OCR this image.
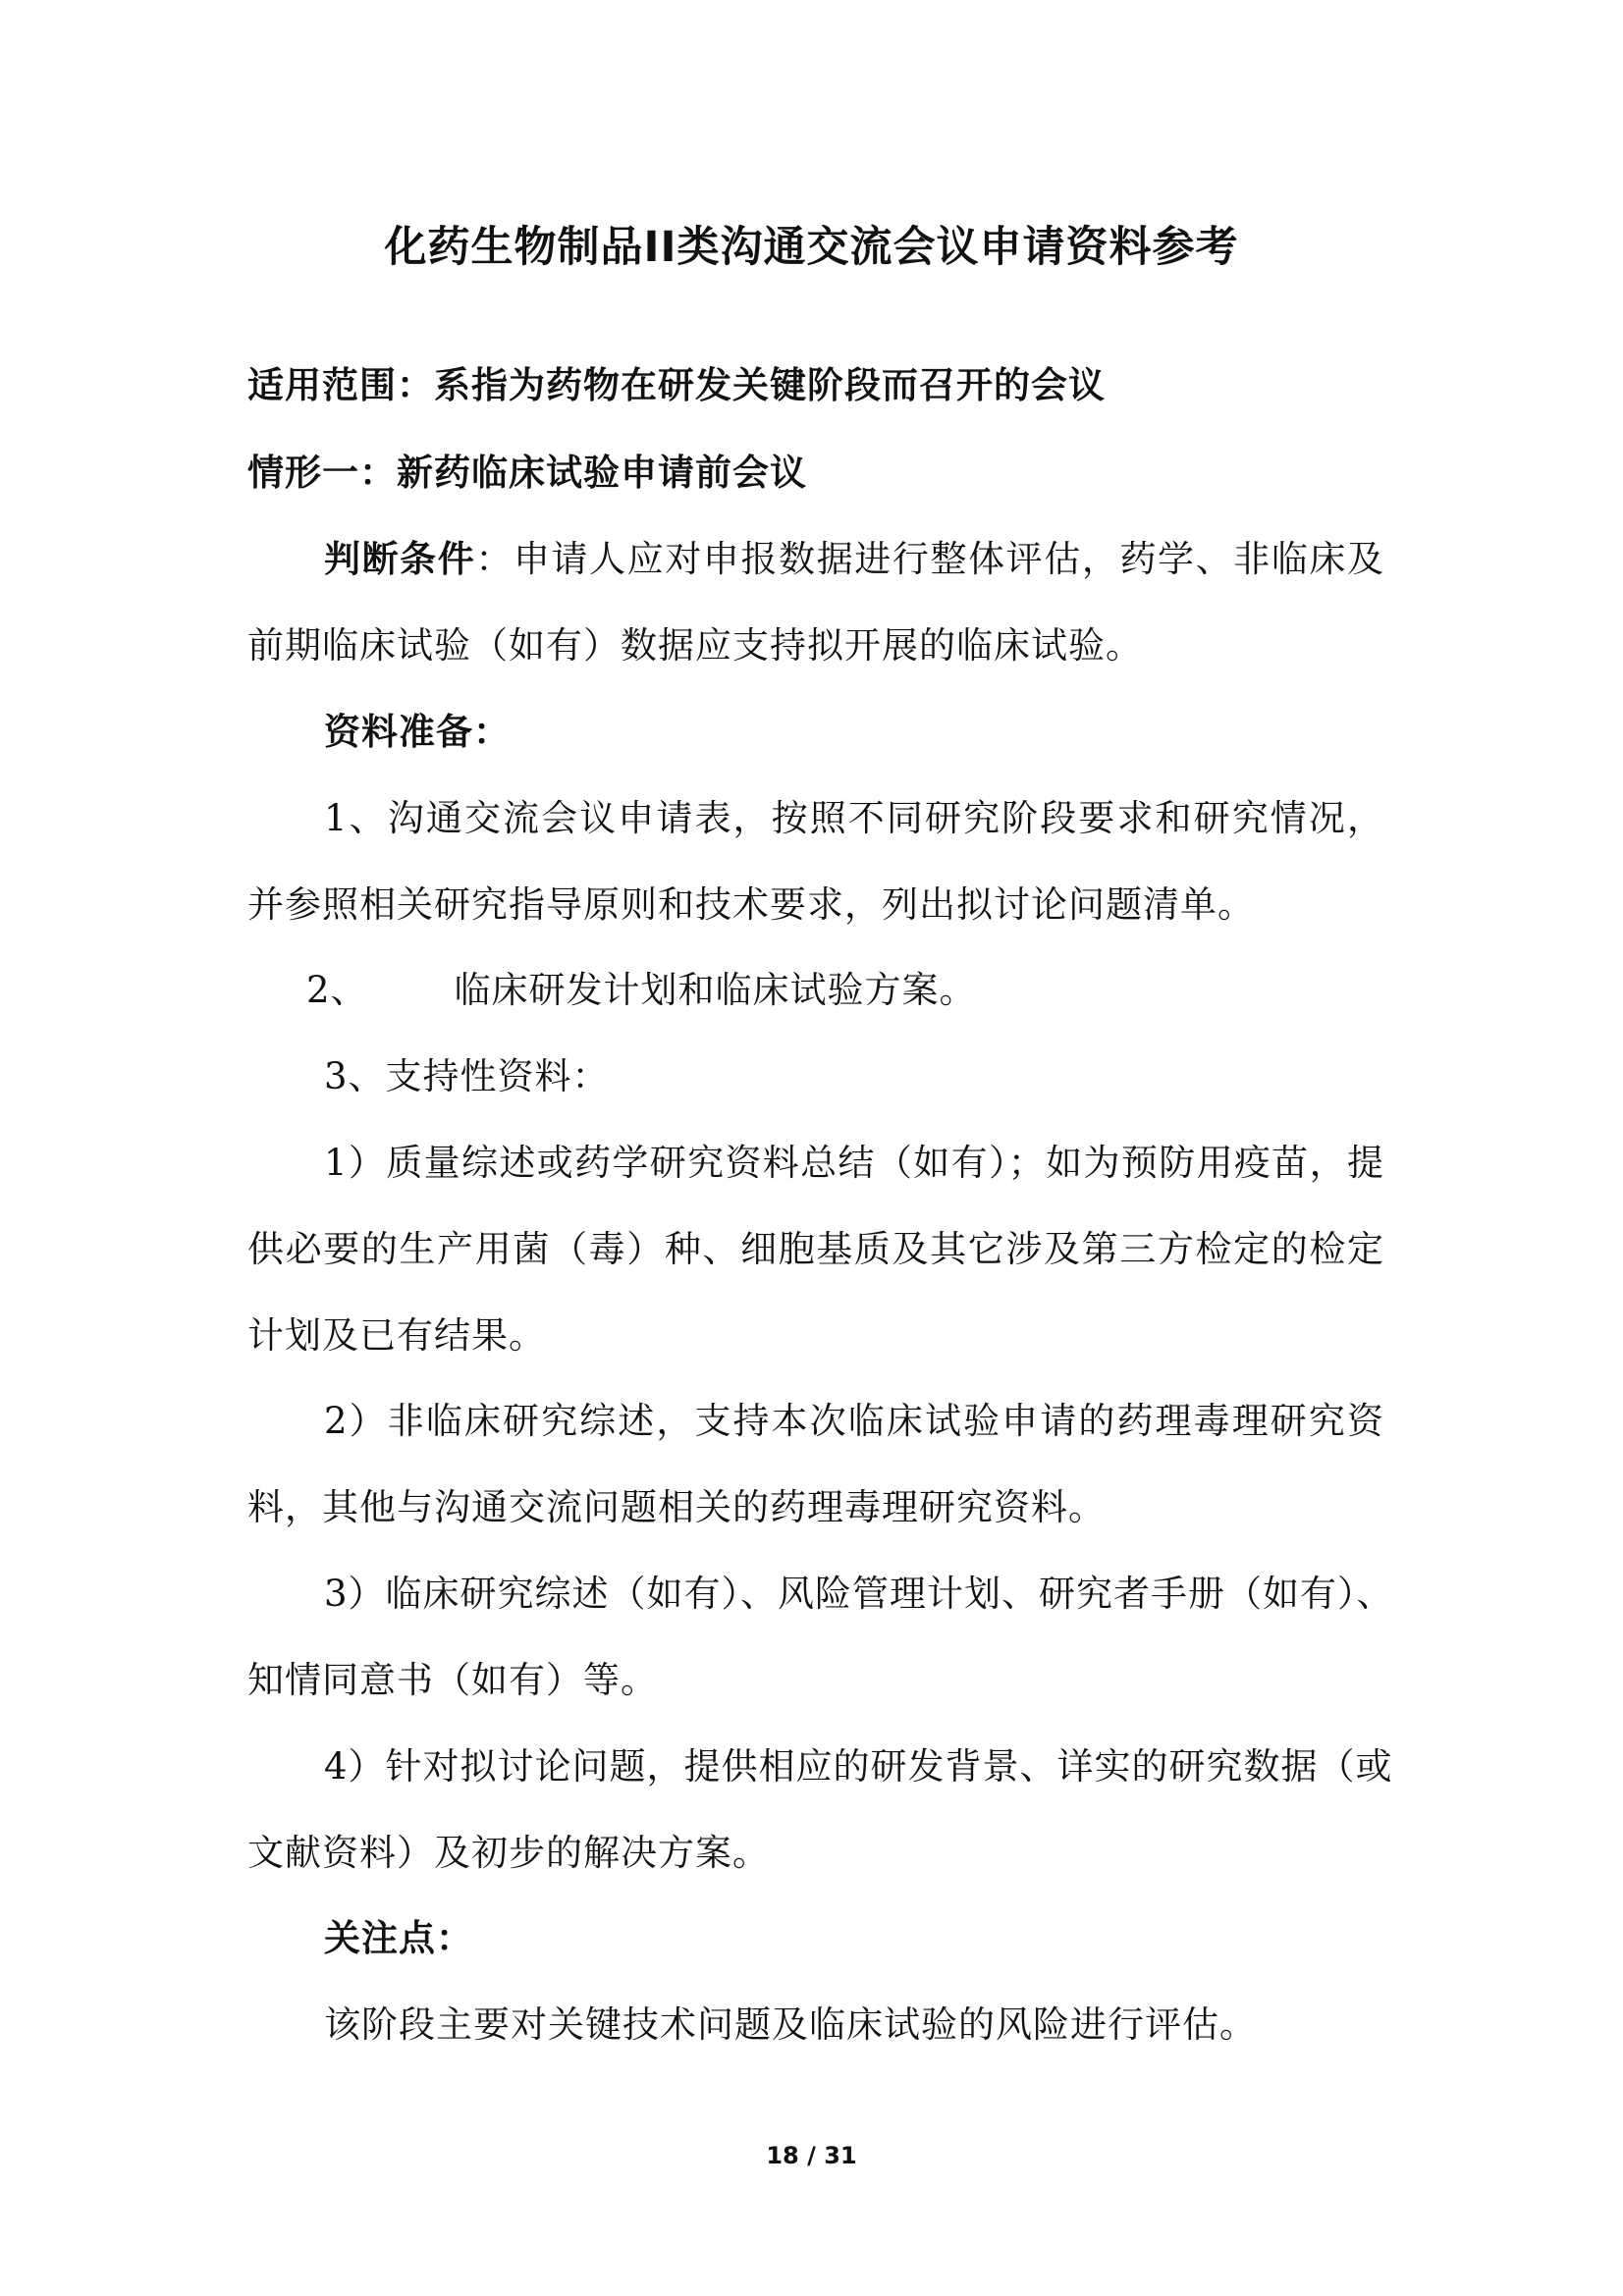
化药生物制品II类沟通交流会议申请资料参考
适用范围：系指为药物在研发关键阶段而召开的会议
情形一：新药临床试验申请前会议
判断条件：申请人应对申报数据进行整体评估，药学、非临床及
前期临床试验（如有）数据应支持拟开展的临床试验。
资料准备：
1、沟通交流会议申请表，按照不同研究阶段要求和研究情况，
并参照相关研究指导原则和技术要求，列出拟讨论问题清单。
2、 临床研发计划和临床试验方案。
3、支持性资料：
1）质量综述或药学研究资料总结（如有）；如为预防用疫苗，提
供必要的生产用菌（毒）种、细胞基质及其它涉及第三方检定的检定
计划及已有结果。
2）非临床研究综述，支持本次临床试验申请的药理毒理研究资
料，其他与沟通交流问题相关的药理毒理研究资料。
3）临床研究综述（如有）、风险管理计划、研究者手册（如有）、
知情同意书（如有）等。
4）针对拟讨论问题，提供相应的研发背景、详实的研究数据（或
文献资料）及初步的解决方案。
关注点：
该阶段主要对关键技术问题及临床试验的风险进行评估。
18 / 31
